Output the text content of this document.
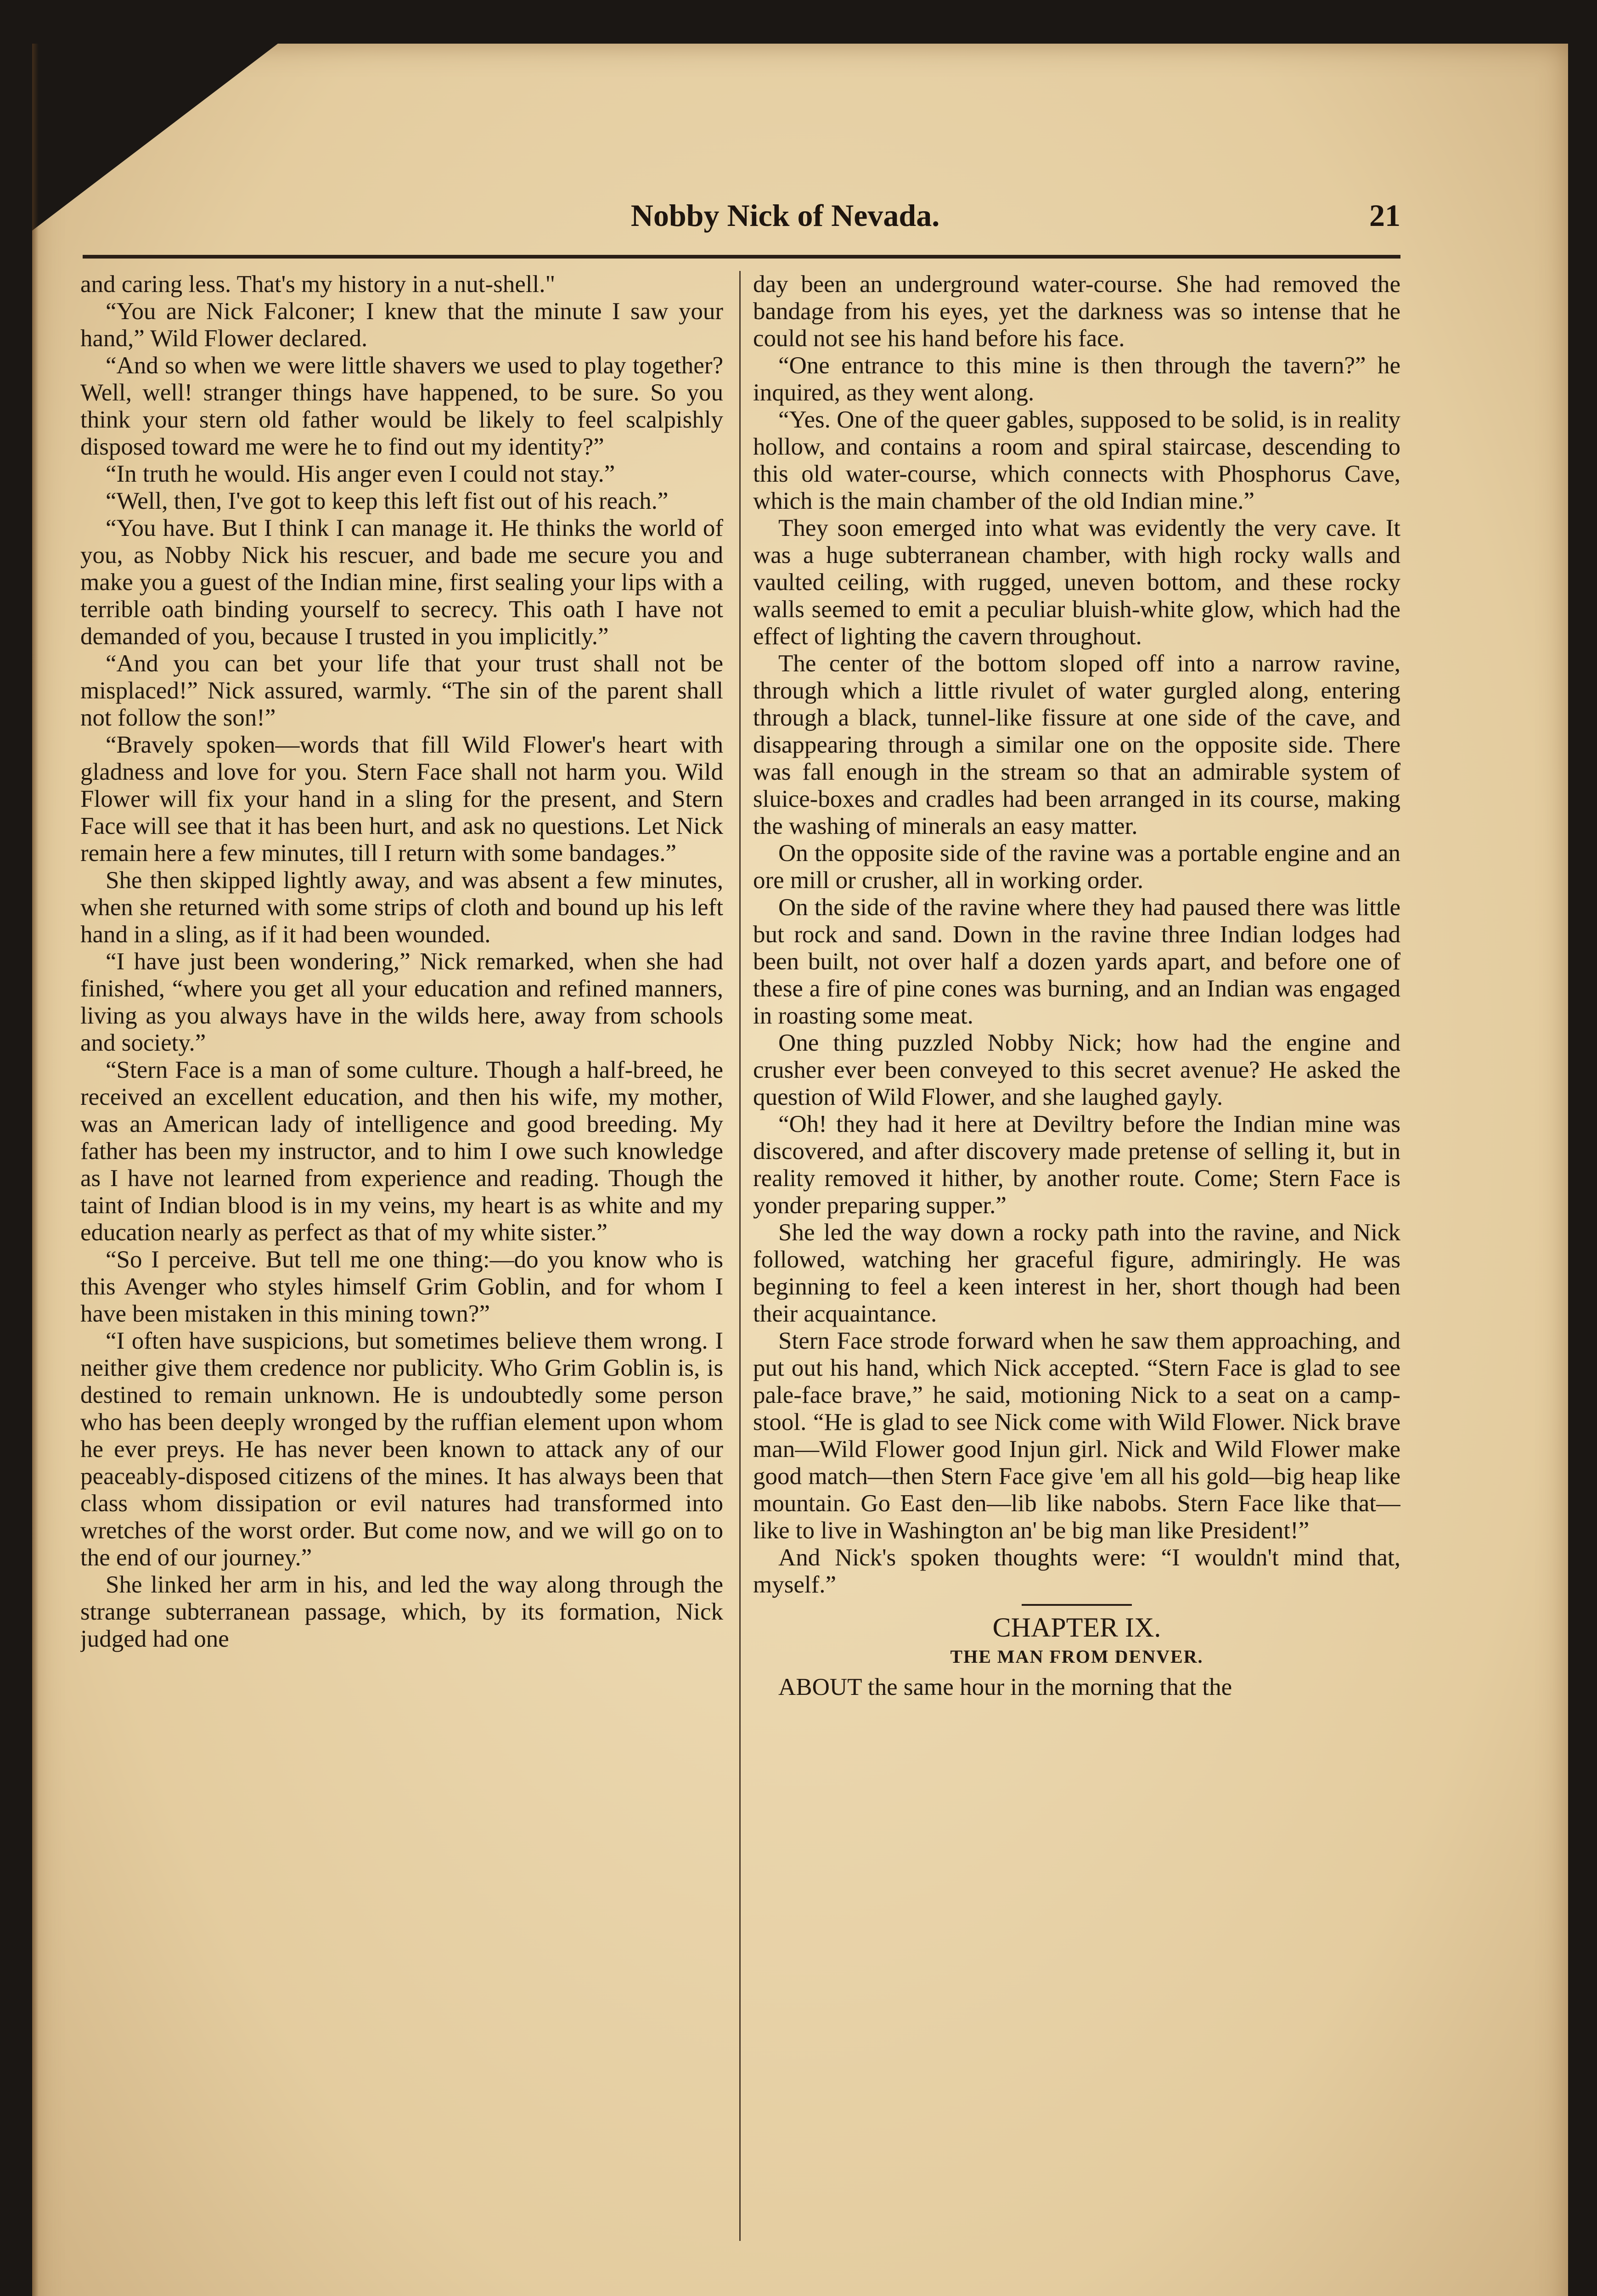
Nobby Nick of Nevada.	21

and caring less. That's my history in a nut-shell."

“You are Nick Falconer; I knew that the minute I saw your hand,” Wild Flower declared.

“And so when we were little shavers we used to play together? Well, well! stranger things have happened, to be sure. So you think your stern old father would be likely to feel scalpishly disposed toward me were he to find out my identity?”

“In truth he would. His anger even I could not stay.”

“Well, then, I've got to keep this left fist out of his reach.”

“You have. But I think I can manage it. He thinks the world of you, as Nobby Nick his rescuer, and bade me secure you and make you a guest of the Indian mine, first sealing your lips with a terrible oath binding yourself to secrecy. This oath I have not demanded of you, because I trusted in you implicitly.”

“And you can bet your life that your trust shall not be misplaced!” Nick assured, warmly. “The sin of the parent shall not follow the son!”

“Bravely spoken—words that fill Wild Flower's heart with gladness and love for you. Stern Face shall not harm you. Wild Flower will fix your hand in a sling for the present, and Stern Face will see that it has been hurt, and ask no questions. Let Nick remain here a few minutes, till I return with some bandages.”

She then skipped lightly away, and was absent a few minutes, when she returned with some strips of cloth and bound up his left hand in a sling, as if it had been wounded.

“I have just been wondering,” Nick remarked, when she had finished, “where you get all your education and refined manners, living as you always have in the wilds here, away from schools and society.”

“Stern Face is a man of some culture. Though a half-breed, he received an excellent education, and then his wife, my mother, was an American lady of intelligence and good breeding. My father has been my instructor, and to him I owe such knowledge as I have not learned from experience and reading. Though the taint of Indian blood is in my veins, my heart is as white and my education nearly as perfect as that of my white sister.”

“So I perceive. But tell me one thing:—do you know who is this Avenger who styles himself Grim Goblin, and for whom I have been mistaken in this mining town?”

“I often have suspicions, but sometimes believe them wrong. I neither give them credence nor publicity. Who Grim Goblin is, is destined to remain unknown. He is undoubtedly some person who has been deeply wronged by the ruffian element upon whom he ever preys. He has never been known to attack any of our peaceably-disposed citizens of the mines. It has always been that class whom dissipation or evil natures had transformed into wretches of the worst order. But come now, and we will go on to the end of our journey.”

She linked her arm in his, and led the way along through the strange subterranean passage, which, by its formation, Nick judged had one

day been an underground water-course. She had removed the bandage from his eyes, yet the darkness was so intense that he could not see his hand before his face.

“One entrance to this mine is then through the tavern?” he inquired, as they went along.

“Yes. One of the queer gables, supposed to be solid, is in reality hollow, and contains a room and spiral staircase, descending to this old water-course, which connects with Phosphorus Cave, which is the main chamber of the old Indian mine.”

They soon emerged into what was evidently the very cave. It was a huge subterranean chamber, with high rocky walls and vaulted ceiling, with rugged, uneven bottom, and these rocky walls seemed to emit a peculiar bluish-white glow, which had the effect of lighting the cavern throughout.

The center of the bottom sloped off into a narrow ravine, through which a little rivulet of water gurgled along, entering through a black, tunnel-like fissure at one side of the cave, and disappearing through a similar one on the opposite side. There was fall enough in the stream so that an admirable system of sluice-boxes and cradles had been arranged in its course, making the washing of minerals an easy matter.

On the opposite side of the ravine was a portable engine and an ore mill or crusher, all in working order.

On the side of the ravine where they had paused there was little but rock and sand. Down in the ravine three Indian lodges had been built, not over half a dozen yards apart, and before one of these a fire of pine cones was burning, and an Indian was engaged in roasting some meat.

One thing puzzled Nobby Nick; how had the engine and crusher ever been conveyed to this secret avenue? He asked the question of Wild Flower, and she laughed gayly.

“Oh! they had it here at Deviltry before the Indian mine was discovered, and after discovery made pretense of selling it, but in reality removed it hither, by another route. Come; Stern Face is yonder preparing supper.”

She led the way down a rocky path into the ravine, and Nick followed, watching her graceful figure, admiringly. He was beginning to feel a keen interest in her, short though had been their acquaintance.

Stern Face strode forward when he saw them approaching, and put out his hand, which Nick accepted. “Stern Face is glad to see pale-face brave,” he said, motioning Nick to a seat on a camp-stool. “He is glad to see Nick come with Wild Flower. Nick brave man—Wild Flower good Injun girl. Nick and Wild Flower make good match—then Stern Face give 'em all his gold—big heap like mountain. Go East den—lib like nabobs. Stern Face like that—like to live in Washington an' be big man like President!”

And Nick's spoken thoughts were: “I wouldn't mind that, myself.”

CHAPTER IX.

THE MAN FROM DENVER.

ABOUT the same hour in the morning that the
